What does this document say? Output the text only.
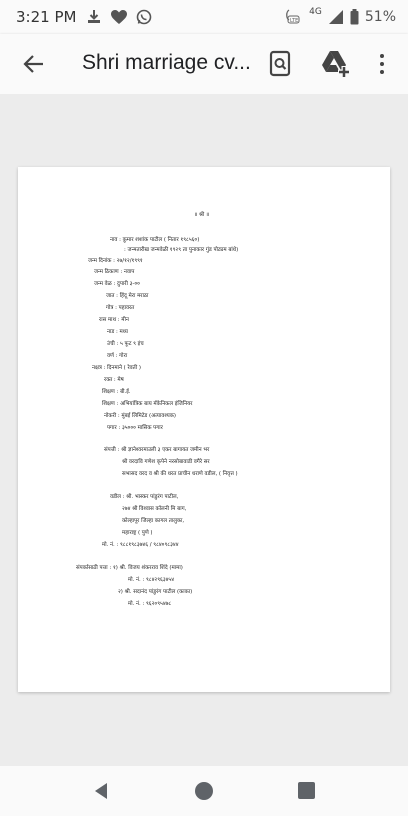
3:21 PM	LTE
4G	51%
Shri marriage cv...
॥ श्री ॥
नाव : कुमार शशांक पाटील ( नितार १९८५६०)
: जन्मतारीख जन्मवेळी १९२९ ता पुनाकार गुंड पोट्यम बांधे)
जन्म दिनांक : २७/१२/१९९१
जन्म ठिकाण : नवाप
जन्म वेळ : दुपारी ३-००
जात : हिंदू मेरा मराठा
गोत्र : पहावरत
रास माथ : मीन
नाड : मध्य
उंची : ५ फूट ९ इंच
वर्ण : गोरा
नक्षत्र : दिनमाने ( रेवती )
रक्त : मेष
शिक्षण : बी.ई.
शिक्षण : अभियांत्रिक बाय मॅकेनिकल इंजिनियर
नोकरी : मुंबई लिमिटेड (अत्यावश्यक)
पगार : ३५००० मासिक पगार
संपत्ती : श्री ज्ञानेश्वरमाउली ३ एकर बागायत जमीन भर
श्री वरदावि गणेश कृपेने नरसोबावाडी वगैरे सर
सभासद वरद व श्री की धरत प्राचीन धराणे वडील, ( निवृत्त )
वडील : श्री. भास्कर पांडुरंग पाटील,
२७४ श्री विश्वास कॉलनी मि बाग,
कोल्हापूर जिल्हा कागल तालुका,
महाराष्ट्र ( पुणे )
मो. नं. : ९८८१९८३७४६ / ९८४०९८३४४
संपर्कासाठी पत्ता : १) श्री. विजय शंकरराव शिंदे (मामा)
मो. नं. : ९८४२९६३४५४
२) श्री. सदानंद पांडुरंग पाटील (काका)
मो. नं. : ९६२०९५४७८
